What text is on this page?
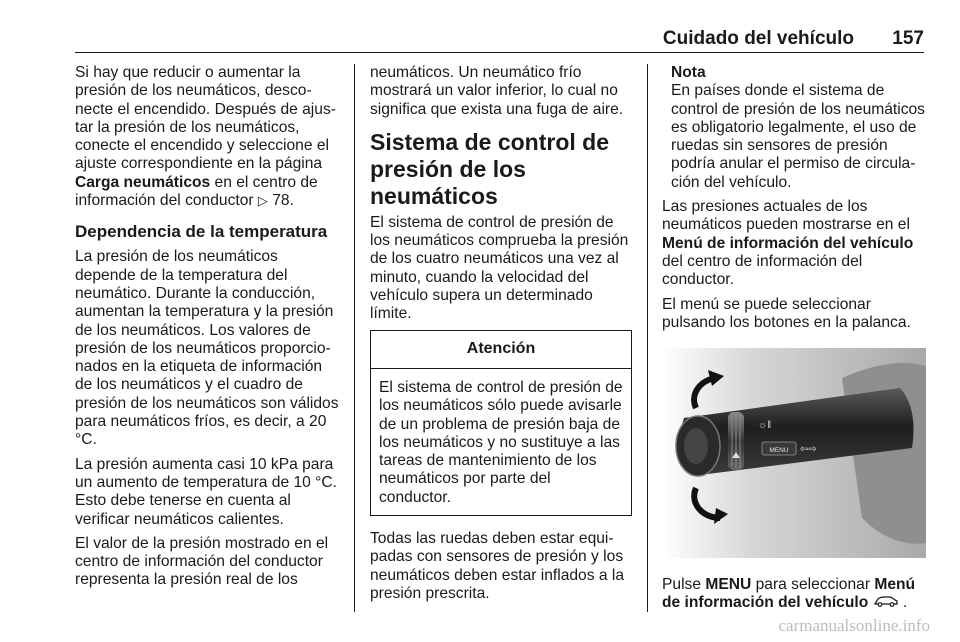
Cuidado del vehículo 157

Si hay que reducir o aumentar la presión de los neumáticos, desconecte el encendido. Después de ajustar la presión de los neumáticos, conecte el encendido y seleccione el ajuste correspondiente en la página Carga neumáticos en el centro de información del conductor ▷ 78.

Dependencia de la temperatura

La presión de los neumáticos depende de la temperatura del neumático. Durante la conducción, aumentan la temperatura y la presión de los neumáticos. Los valores de presión de los neumáticos proporcionados en la etiqueta de información de los neumáticos y el cuadro de presión de los neumáticos son válidos para neumáticos fríos, es decir, a 20 °C.

La presión aumenta casi 10 kPa para un aumento de temperatura de 10 °C. Esto debe tenerse en cuenta al verificar neumáticos calientes.

El valor de la presión mostrado en el centro de información del conductor representa la presión real de los

neumáticos. Un neumático frío mostrará un valor inferior, lo cual no significa que exista una fuga de aire.

Sistema de control de presión de los neumáticos

El sistema de control de presión de los neumáticos comprueba la presión de los cuatro neumáticos una vez al minuto, cuando la velocidad del vehículo supera un determinado límite.

Atención
El sistema de control de presión de los neumáticos sólo puede avisarle de un problema de presión baja de los neumáticos y no sustituye a las tareas de mantenimiento de los neumáticos por parte del conductor.

Todas las ruedas deben estar equipadas con sensores de presión y los neumáticos deben estar inflados a la presión prescrita.

Nota
En países donde el sistema de control de presión de los neumáticos es obligatorio legalmente, el uso de ruedas sin sensores de presión podría anular el permiso de circulación del vehículo.

Las presiones actuales de los neumáticos pueden mostrarse en el Menú de información del vehículo del centro de información del conductor.

El menú se puede seleccionar pulsando los botones en la palanca.

☼‖
MENU ⇦⇨

Pulse MENU para seleccionar Menú de información del vehículo .

carmanualsonline.info
